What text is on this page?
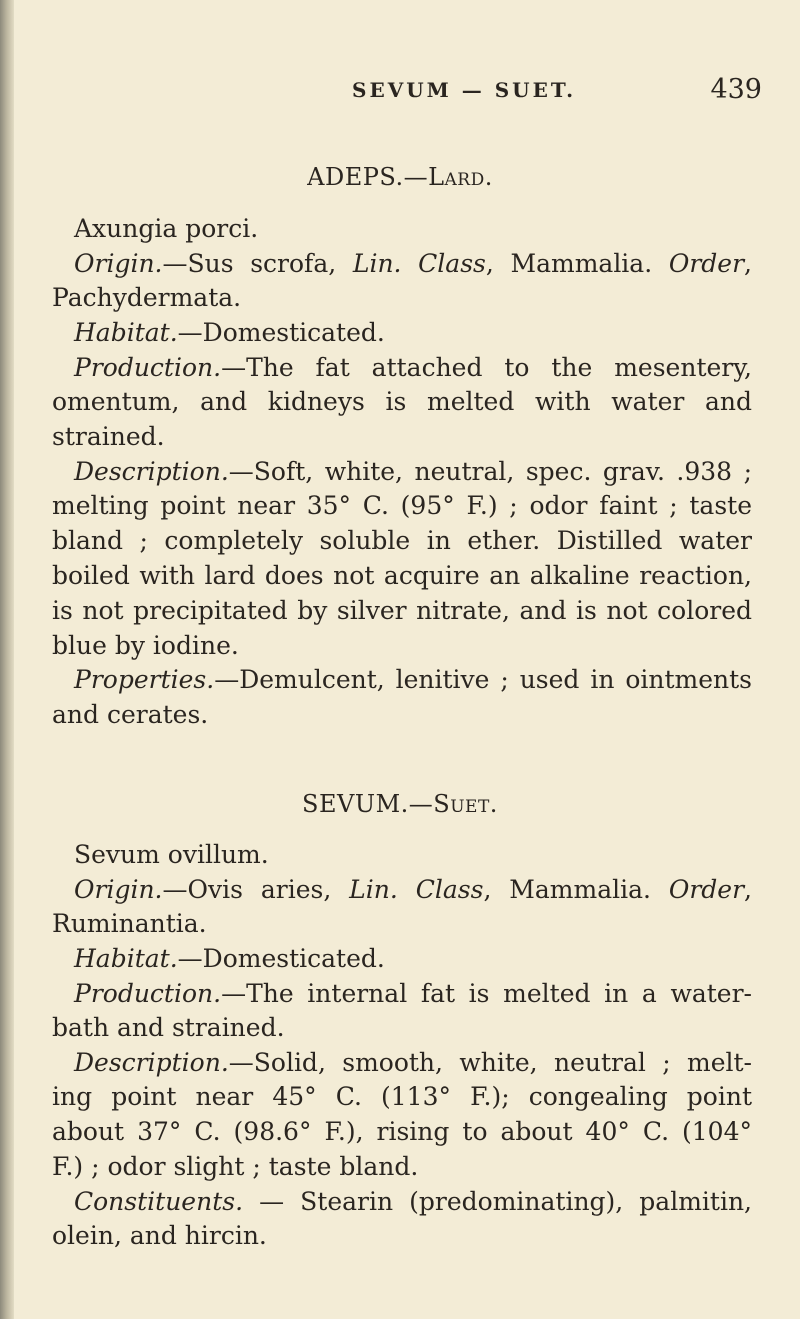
SEVUM — SUET.	439
ADEPS.—Lard.
Axungia porci.
Origin.—Sus scrofa, Lin. Class, Mammalia. Order,
Pachydermata.
Habitat.—Domesticated.
Production.—The fat attached to the mesentery,
omentum, and kidneys is melted with water and
strained.
Description.—Soft, white, neutral, spec. grav. .938 ;
melting point near 35° C. (95° F.) ; odor faint ; taste
bland ; completely soluble in ether. Distilled water
boiled with lard does not acquire an alkaline reaction,
is not precipitated by silver nitrate, and is not colored
blue by iodine.
Properties.—Demulcent, lenitive ; used in ointments
and cerates.
SEVUM.—Suet.
Sevum ovillum.
Origin.—Ovis aries, Lin. Class, Mammalia. Order,
Ruminantia.
Habitat.—Domesticated.
Production.—The internal fat is melted in a water-
bath and strained.
Description.—Solid, smooth, white, neutral ; melt-
ing point near 45° C. (113° F.); congealing point
about 37° C. (98.6° F.), rising to about 40° C. (104°
F.) ; odor slight ; taste bland.
Constituents. — Stearin (predominating), palmitin,
olein, and hircin.
